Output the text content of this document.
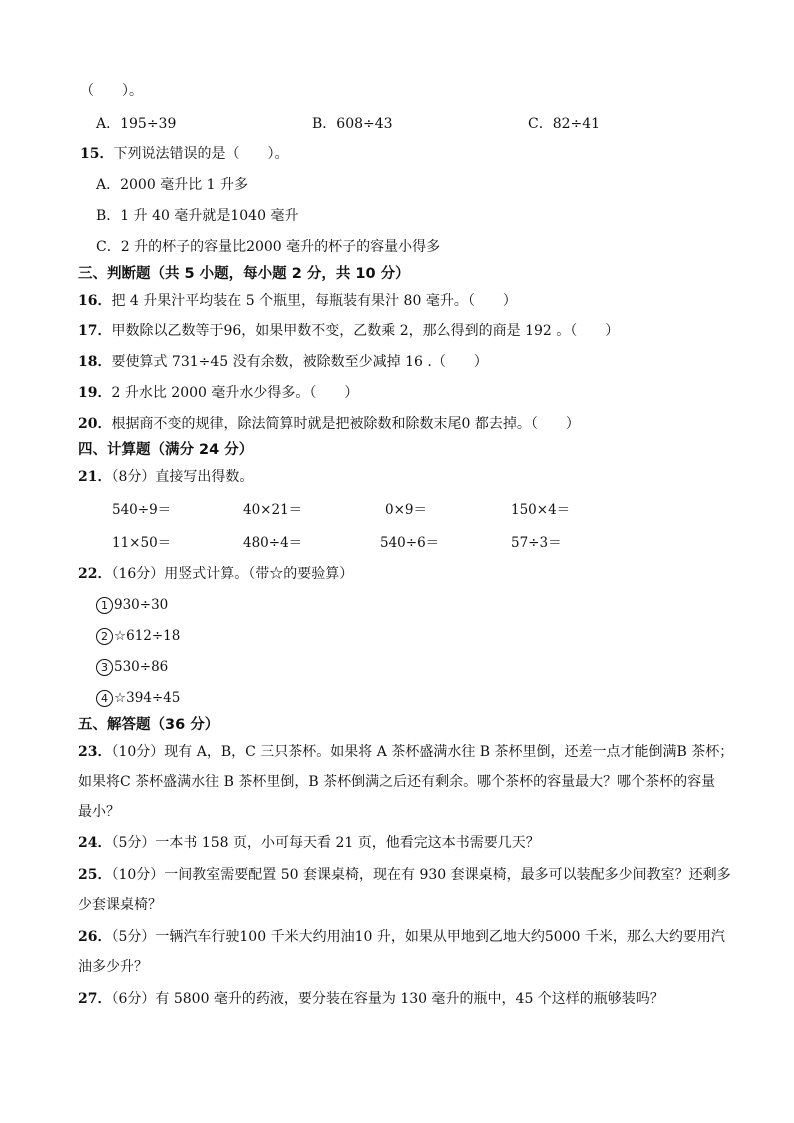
（　　）。
A．195÷39	B．608÷43	C．82÷41
15．下列说法错误的是（　　）。
A．2000 毫升比 1 升多
B．1 升 40 毫升就是1040 毫升
C．2 升的杯子的容量比2000 毫升的杯子的容量小得多
三、判断题（共 5 小题，每小题 2 分，共 10 分）
16．把 4 升果汁平均装在 5 个瓶里，每瓶装有果汁 80 毫升。（　　）
17．甲数除以乙数等于96，如果甲数不变，乙数乘 2，那么得到的商是 192 。（　　）
18．要使算式 731÷45 没有余数，被除数至少减掉 16 .（　　）
19．2 升水比 2000 毫升水少得多。（　　）
20．根据商不变的规律，除法简算时就是把被除数和除数末尾0 都去掉。（　　）
四、计算题（满分 24 分）
21．（8分）直接写出得数。
540÷9＝	40×21＝	0×9＝	150×4＝
11×50＝	480÷4＝	540÷6＝	57÷3＝
22．（16分）用竖式计算。（带☆的要验算）
1 930÷30
2 ☆612÷18
3 530÷86
4 ☆394÷45
五、解答题（36 分）
23．（10分）现有 A，B，C 三只茶杯。如果将 A 茶杯盛满水往 B 茶杯里倒，还差一点才能倒满B 茶杯；
如果将C 茶杯盛满水往 B 茶杯里倒，B 茶杯倒满之后还有剩余。哪个茶杯的容量最大？哪个茶杯的容量
最小？
24．（5分）一本书 158 页，小可每天看 21 页，他看完这本书需要几天？
25．（10分）一间教室需要配置 50 套课桌椅，现在有 930 套课桌椅，最多可以装配多少间教室？还剩多
少套课桌椅？
26．（5分）一辆汽车行驶100 千米大约用油10 升，如果从甲地到乙地大约5000 千米，那么大约要用汽
油多少升？
27．（6分）有 5800 毫升的药液，要分装在容量为 130 毫升的瓶中，45 个这样的瓶够装吗？
